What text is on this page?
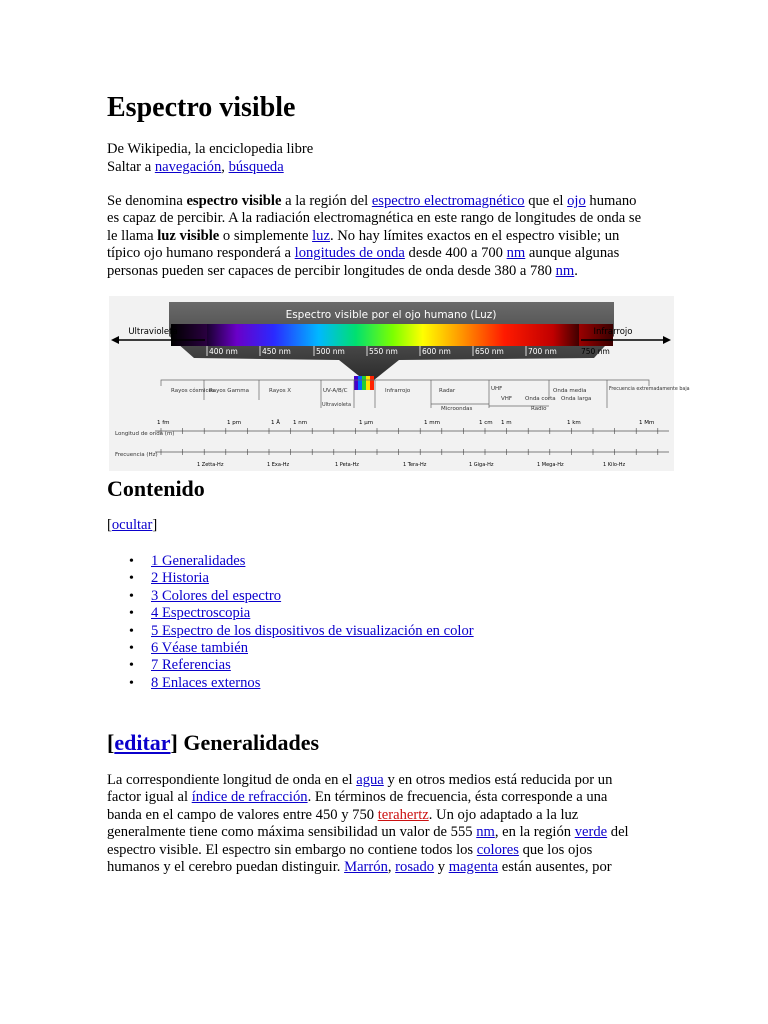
Espectro visible

De Wikipedia, la enciclopedia libre

Saltar a navegación, búsqueda

Se denomina espectro visible a la región del espectro electromagnético que el ojo humano

es capaz de percibir. A la radiación electromagnética en este rango de longitudes de onda se

le llama luz visible o simplemente luz. No hay límites exactos en el espectro visible; un

típico ojo humano responderá a longitudes de onda desde 400 a 700 nm aunque algunas

personas pueden ser capaces de percibir longitudes de onda desde 380 a 780 nm.

Espectro visible por el ojo humano (Luz)
Ultravioleta	Infrarrojo
400 nm	450 nm	500 nm	550 nm	600 nm	650 nm	700 nm	750 nm
Rayos cósmicos
Rayos Gamma	Rayos X	UV-A/B/C
Ultravioleta
Infrarrojo	Radar
Microondas
UHF
VHF Onda corta
Onda media
Onda larga
Radio
Frecuencia extremadamente baja
1 fm	1 pm	1 Å 1 nm	1 µm	1 mm	1 cm 1 m	1 km	1 Mm
Longitud de onda (m)
Frecuencia (Hz)
1 Zetta-Hz	1 Exa-Hz	1 Peta-Hz	1 Tera-Hz	1 Giga-Hz	1 Mega-Hz	1 Kilo-Hz
Contenido

[ocultar]

• 1 Generalidades
• 2 Historia
• 3 Colores del espectro
• 4 Espectroscopia
• 5 Espectro de los dispositivos de visualización en color
• 6 Véase también
• 7 Referencias
• 8 Enlaces externos
[editar] Generalidades

La correspondiente longitud de onda en el agua y en otros medios está reducida por un

factor igual al índice de refracción. En términos de frecuencia, ésta corresponde a una

banda en el campo de valores entre 450 y 750 terahertz. Un ojo adaptado a la luz

generalmente tiene como máxima sensibilidad un valor de 555 nm, en la región verde del

espectro visible. El espectro sin embargo no contiene todos los colores que los ojos

humanos y el cerebro puedan distinguir. Marrón, rosado y magenta están ausentes, por
